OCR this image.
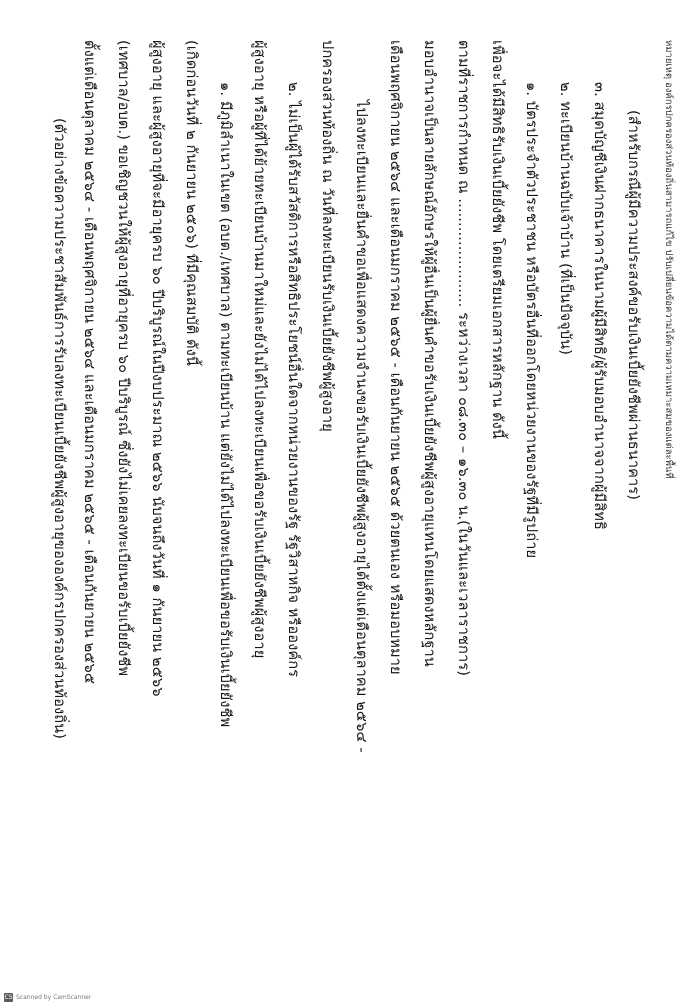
(ตัวอย่างข้อความประชาสัมพันธ์การรับลงทะเบียนเบี้ยยังชีพผู้สูงอายุขององค์กรปกครองส่วนท้องถิ่น) ตั้งแต่เดือนตุลาคม ๒๕๖๔ - เดือนพฤศจิกายน ๒๕๖๔ และเดือนมกราคม ๒๕๖๕ - เดือนกันยายน ๒๕๖๕ (เทศบาล/อบต.) ขอเชิญชวนให้ผู้สูงอายุที่อายุครบ ๖๐ ปีบริบูรณ์ ซึ่งยังไม่เคยลงทะเบียนขอรับเบี้ยยังชีพ ผู้สูงอายุ และผู้สูงอายุที่จะมีอายุครบ ๖๐ ปีบริบูรณ์ในปีงบประมาณ ๒๕๖๖ นับจนถึงวันที่ ๑ กันยายน ๒๕๖๖ (เกิดก่อนวันที่ ๒ กันยายน ๒๕๐๖) ที่มีคุณสมบัติ ดังนี้ ๑. มีภูมิลำเนาในเขต (อบต./เทศบาล) ตามทะเบียนบ้าน แต่ยังไม่ได้ไปลงทะเบียนเพื่อขอรับเงินเบี้ยยังชีพ ผู้สูงอายุ หรือผู้ที่ได้ย้ายทะเบียนบ้านมาใหม่และยังไม่ได้ไปลงทะเบียนเพื่อขอรับเงินเบี้ยยังชีพผู้สูงอายุ ๒. ไม่เป็นผู้ได้รับสวัสดิการหรือสิทธิประโยชน์อื่นใดจากหน่วยงานของรัฐ รัฐวิสาหกิจ หรือองค์กร ปกครองส่วนท้องถิ่น ณ วันที่ลงทะเบียนรับเงินเบี้ยยังชีพผู้สูงอายุ ไปลงทะเบียนและยื่นคำขอเพื่อแสดงความจำนงขอรับเงินเบี้ยยังชีพผู้สูงอายุได้ตั้งแต่เดือนตุลาคม ๒๕๖๔ - เดือนพฤศจิกายน ๒๕๖๔ และเดือนมกราคม ๒๕๖๕ - เดือนกันยายน ๒๕๖๕ ด้วยตนเอง หรือมอบหมาย มอบอำนาจเป็นลายลักษณ์อักษรให้ผู้อื่นเป็นผู้ยื่นคำขอรับเงินเบี้ยยังชีพผู้สูงอายุแทนโดยแสดงหลักฐาน ตามที่ราชการกำหนด ณ ....................... ระหว่างเวลา ๐๘.๓๐ – ๑๖.๓๐ น.(ในวันและเวลาราชการ) เพื่อจะได้มีสิทธิรับเงินเบี้ยยังชีพ โดยเตรียมเอกสารหลักฐาน ดังนี้ ๑. บัตรประจำตัวประชาชน หรือบัตรอื่นที่ออกโดยหน่วยงานของรัฐที่มีรูปถ่าย ๒. ทะเบียนบ้านฉบับเจ้าบ้าน (ที่เป็นปัจจุบัน) ๓. สมุดบัญชีเงินฝากธนาคารในนามผู้มีสิทธิ/ผู้รับมอบอำนาจจากผู้มีสิทธิ (สำหรับกรณีผู้มีความประสงค์ขอรับเงินเบี้ยยังชีพผ่านธนาคาร) หมายเหตุ องค์กรปกครองส่วนท้องถิ่นสามารถแก้ไข ปรับเปลี่ยนข้อความได้ตามความเหมาะสมของแต่ละพื้นที่
CS Scanned by CamScanner
